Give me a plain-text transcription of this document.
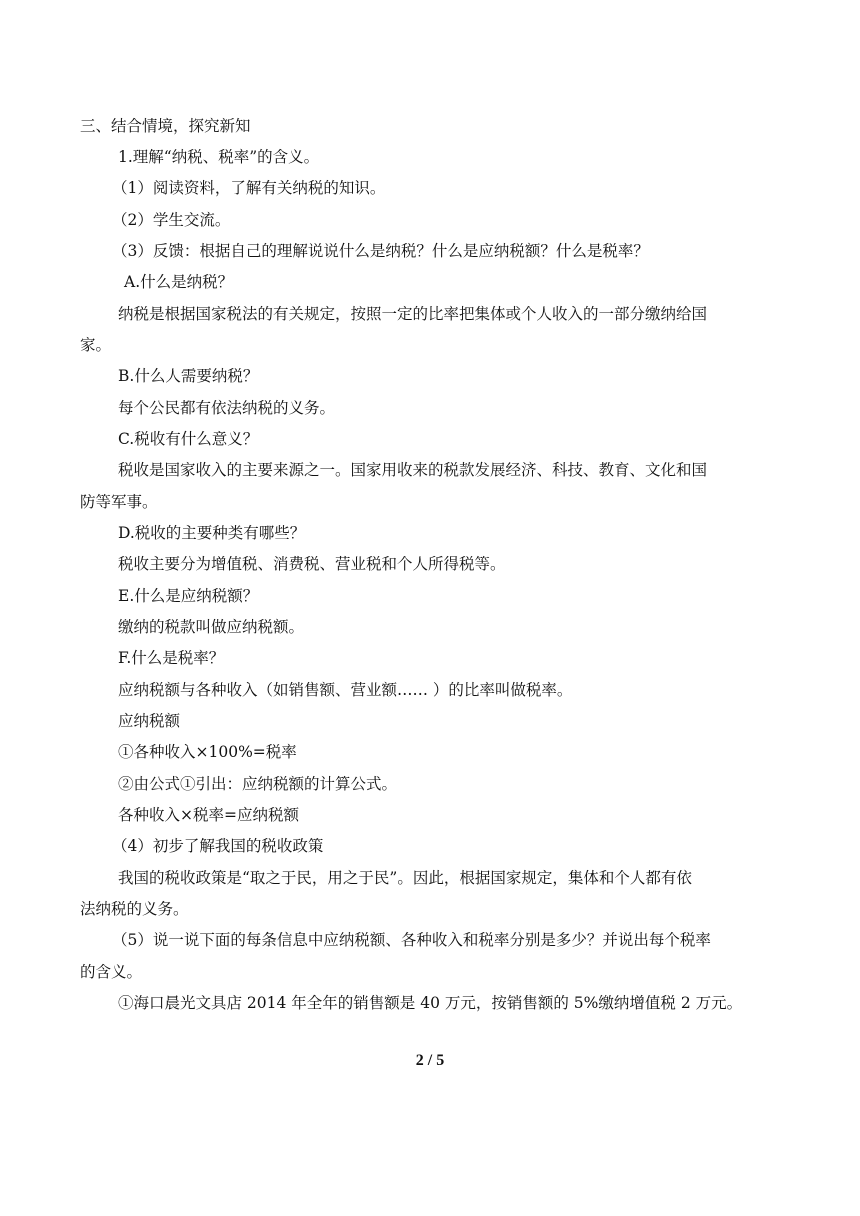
三、结合情境，探究新知
1.理解“纳税、税率”的含义。
（1）阅读资料，了解有关纳税的知识。
（2）学生交流。
（3）反馈：根据自己的理解说说什么是纳税？什么是应纳税额？什么是税率？
A.什么是纳税？
纳税是根据国家税法的有关规定，按照一定的比率把集体或个人收入的一部分缴纳给国
家。
B.什么人需要纳税？
每个公民都有依法纳税的义务。
C.税收有什么意义？
税收是国家收入的主要来源之一。国家用收来的税款发展经济、科技、教育、文化和国
防等军事。
D.税收的主要种类有哪些？
税收主要分为增值税、消费税、营业税和个人所得税等。
E.什么是应纳税额？
缴纳的税款叫做应纳税额。
F.什么是税率？
应纳税额与各种收入（如销售额、营业额…… ）的比率叫做税率。
应纳税额
①各种收入×100%=税率
②由公式①引出：应纳税额的计算公式。
各种收入×税率=应纳税额
（4）初步了解我国的税收政策
我国的税收政策是“取之于民，用之于民”。因此，根据国家规定，集体和个人都有依
法纳税的义务。
（5）说一说下面的每条信息中应纳税额、各种收入和税率分别是多少？并说出每个税率
的含义。
①海口晨光文具店 2014 年全年的销售额是 40 万元，按销售额的 5%缴纳增值税 2 万元。
2 / 5
